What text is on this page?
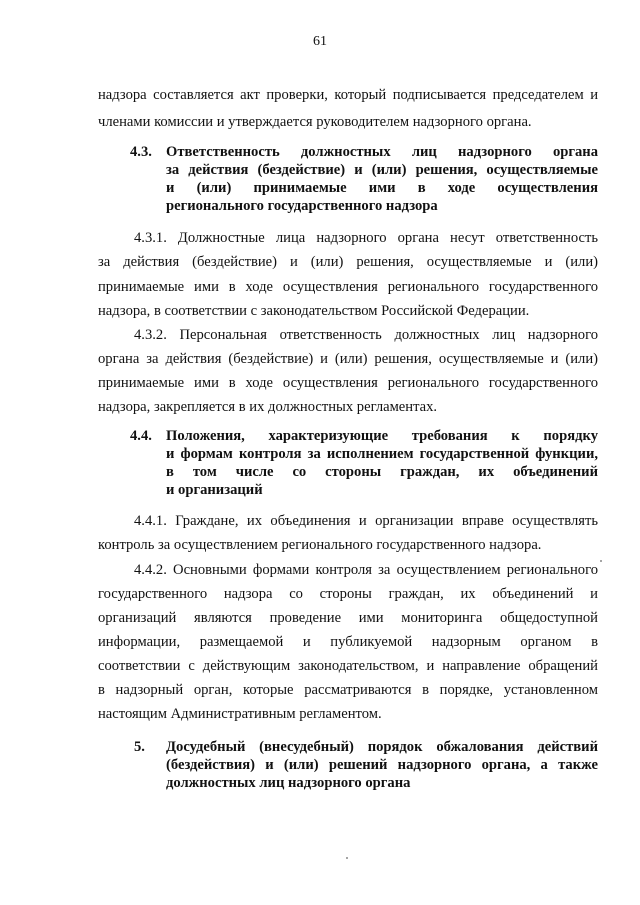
61
надзора составляется акт проверки, который подписывается председателем и
членами комиссии и утверждается руководителем надзорного органа.
4.3. Ответственность должностных лиц надзорного органа
за действия (бездействие) и (или) решения, осуществляемые
и (или) принимаемые ими в ходе осуществления
регионального государственного надзора
4.3.1. Должностные лица надзорного органа несут ответственность
за действия (бездействие) и (или) решения, осуществляемые и (или)
принимаемые ими в ходе осуществления регионального государственного
надзора, в соответствии с законодательством Российской Федерации.
4.3.2. Персональная ответственность должностных лиц надзорного
органа за действия (бездействие) и (или) решения, осуществляемые и (или)
принимаемые ими в ходе осуществления регионального государственного
надзора, закрепляется в их должностных регламентах.
4.4. Положения, характеризующие требования к порядку
и формам контроля за исполнением государственной функции,
в том числе со стороны граждан, их объединений
и организаций
4.4.1. Граждане, их объединения и организации вправе осуществлять
контроль за осуществлением регионального государственного надзора.
4.4.2. Основными формами контроля за осуществлением регионального
государственного надзора со стороны граждан, их объединений и
организаций являются проведение ими мониторинга общедоступной
информации, размещаемой и публикуемой надзорным органом в
соответствии с действующим законодательством, и направление обращений
в надзорный орган, которые рассматриваются в порядке, установленном
настоящим Административным регламентом.
5. Досудебный (внесудебный) порядок обжалования действий
(бездействия) и (или) решений надзорного органа, а также
должностных лиц надзорного органа
